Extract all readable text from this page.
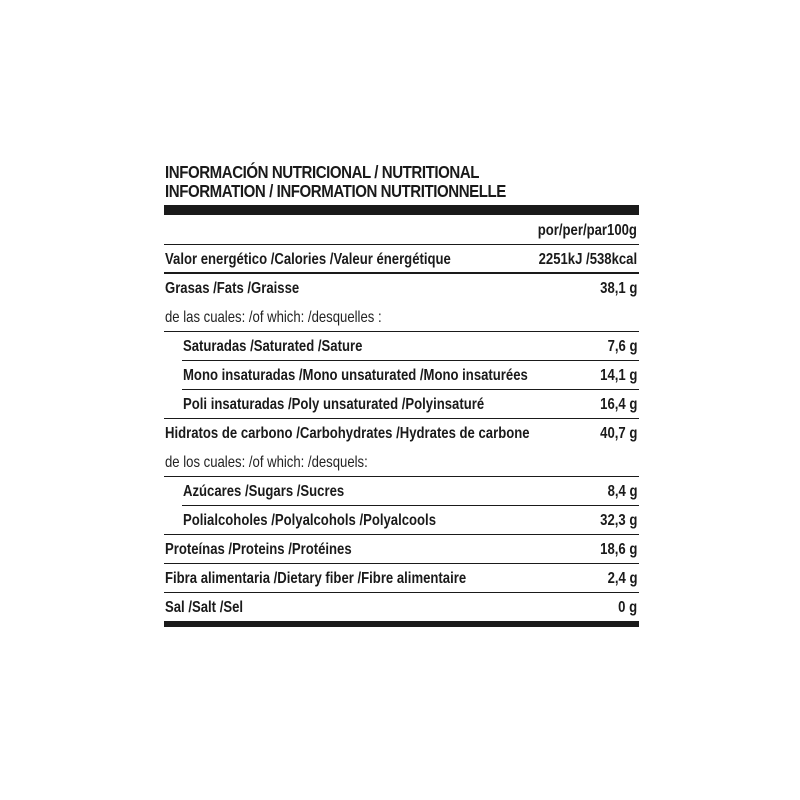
INFORMACIÓN NUTRICIONAL / NUTRITIONAL
INFORMATION / INFORMATION NUTRITIONNELLE
por/per/par100g
Valor energético /Calories /Valeur énergétique	2251kJ /538kcal
Grasas /Fats /Graisse	38,1 g
de las cuales: /of which: /desquelles :
Saturadas /Saturated /Sature	7,6 g
Mono insaturadas /Mono unsaturated /Mono insaturées	14,1 g
Poli insaturadas /Poly unsaturated /Polyinsaturé	16,4 g
Hidratos de carbono /Carbohydrates /Hydrates de carbone	40,7 g
de los cuales: /of which: /desquels:
Azúcares /Sugars /Sucres	8,4 g
Polialcoholes /Polyalcohols /Polyalcools	32,3 g
Proteínas /Proteins /Protéines	18,6 g
Fibra alimentaria /Dietary fiber /Fibre alimentaire	2,4 g
Sal /Salt /Sel	0 g
